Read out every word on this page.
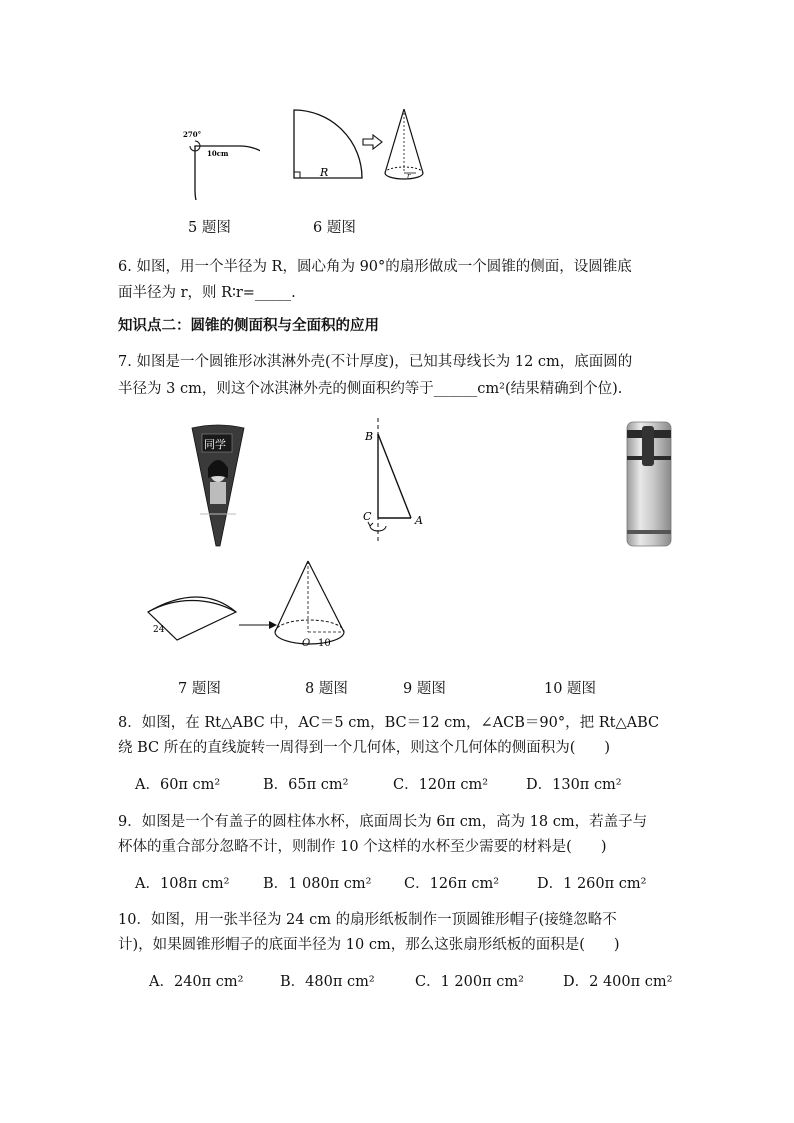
270°
10cm
R	r
5 题图	6 题图
6. 如图，用一个半径为 R，圆心角为 90°的扇形做成一个圆锥的侧面，设圆锥底
面半径为 r，则 R∶r=_____.
知识点二：圆锥的侧面积与全面积的应用
7. 如图是一个圆锥形冰淇淋外壳(不计厚度)，已知其母线长为 12 cm，底面圆的
半径为 3 cm，则这个冰淇淋外壳的侧面积约等于______cm²(结果精确到个位).
同学
B
C	A
24
O 10
7 题图	8 题图	9 题图	10 题图
8．如图，在 Rt△ABC 中，AC＝5 cm，BC＝12 cm，∠ACB＝90°，把 Rt△ABC
绕 BC 所在的直线旋转一周得到一个几何体，则这个几何体的侧面积为(　　)
A．60π cm²	B．65π cm²	C．120π cm²	D．130π cm²
9．如图是一个有盖子的圆柱体水杯，底面周长为 6π cm，高为 18 cm，若盖子与
杯体的重合部分忽略不计，则制作 10 个这样的水杯至少需要的材料是(　　)
A．108π cm² B．1 080π cm² C．126π cm²	D．1 260π cm²
10．如图，用一张半径为 24 cm 的扇形纸板制作一顶圆锥形帽子(接缝忽略不
计)，如果圆锥形帽子的底面半径为 10 cm，那么这张扇形纸板的面积是(　　)
A．240π cm²	B．480π cm²	C．1 200π cm²	D．2 400π cm²
